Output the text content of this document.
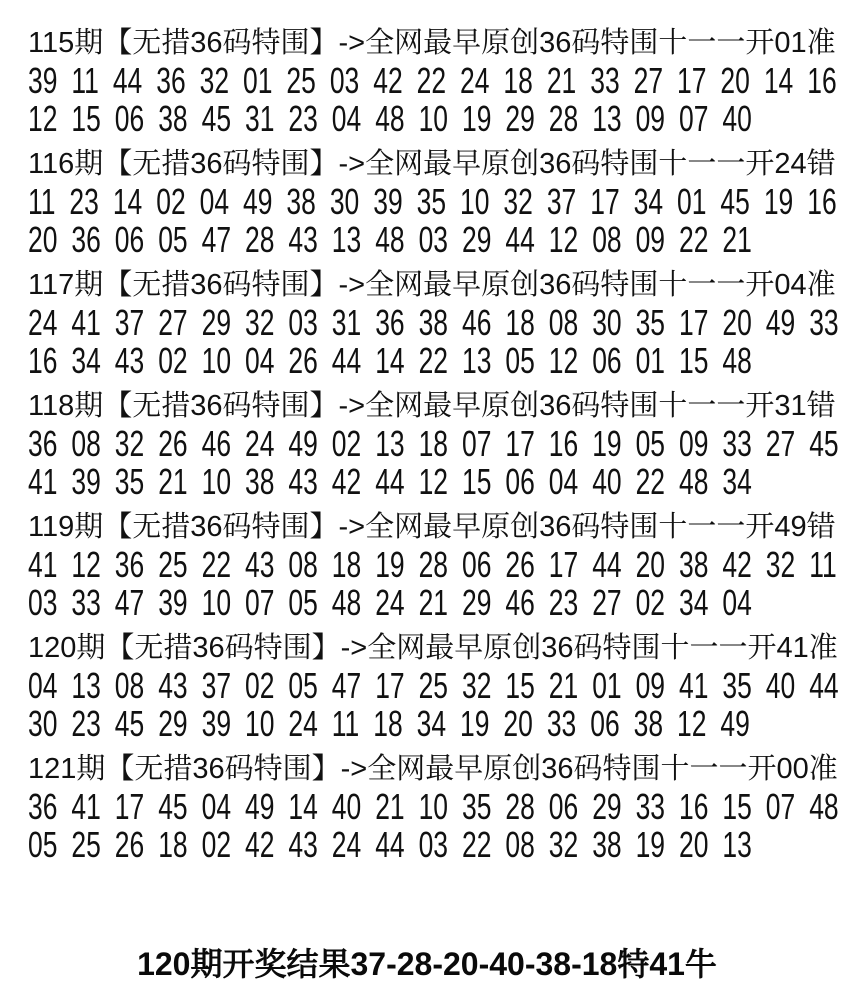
115期【无措36码特围】->全网最早原创36码特围十一一开01准
39 11 44 36 32 01 25 03 42 22 24 18 21 33 27 17 20 14 16
12 15 06 38 45 31 23 04 48 10 19 29 28 13 09 07 40
116期【无措36码特围】->全网最早原创36码特围十一一开24错
11 23 14 02 04 49 38 30 39 35 10 32 37 17 34 01 45 19 16
20 36 06 05 47 28 43 13 48 03 29 44 12 08 09 22 21
117期【无措36码特围】->全网最早原创36码特围十一一开04准
24 41 37 27 29 32 03 31 36 38 46 18 08 30 35 17 20 49 33
16 34 43 02 10 04 26 44 14 22 13 05 12 06 01 15 48
118期【无措36码特围】->全网最早原创36码特围十一一开31错
36 08 32 26 46 24 49 02 13 18 07 17 16 19 05 09 33 27 45
41 39 35 21 10 38 43 42 44 12 15 06 04 40 22 48 34
119期【无措36码特围】->全网最早原创36码特围十一一开49错
41 12 36 25 22 43 08 18 19 28 06 26 17 44 20 38 42 32 11
03 33 47 39 10 07 05 48 24 21 29 46 23 27 02 34 04
120期【无措36码特围】->全网最早原创36码特围十一一开41准
04 13 08 43 37 02 05 47 17 25 32 15 21 01 09 41 35 40 44
30 23 45 29 39 10 24 11 18 34 19 20 33 06 38 12 49
121期【无措36码特围】->全网最早原创36码特围十一一开00准
36 41 17 45 04 49 14 40 21 10 35 28 06 29 33 16 15 07 48
05 25 26 18 02 42 43 24 44 03 22 08 32 38 19 20 13
120期开奖结果37-28-20-40-38-18特41牛
